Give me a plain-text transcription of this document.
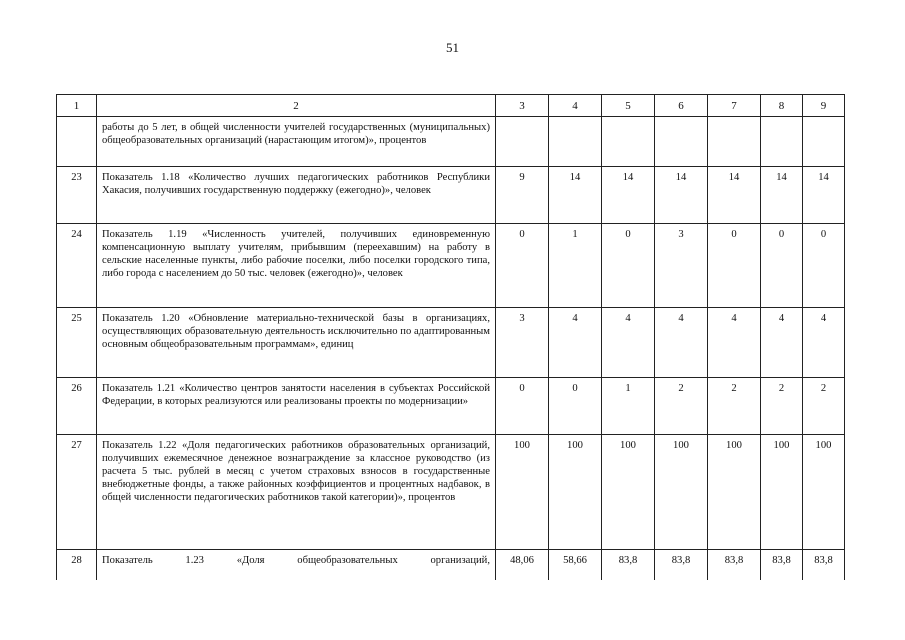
51
1	2	3	4	5	6	7	8	9
	работы до 5 лет, в общей численности учителей государственных (муниципальных) общеобразовательных организаций (нарастающим итогом)», процентов							
23	Показатель 1.18 «Количество лучших педагогических работников Республики Хакасия, получивших государственную поддержку (ежегодно)», человек	9	14	14	14	14	14	14
24	Показатель 1.19 «Численность учителей, получивших единовременную компенсационную выплату учителям, прибывшим (переехавшим) на работу в сельские населенные пункты, либо рабочие поселки, либо поселки городского типа, либо города с населением до 50 тыс. человек (ежегодно)», человек	0	1	0	3	0	0	0
25	Показатель 1.20 «Обновление материально-технической базы в организациях, осуществляющих образовательную деятельность исключительно по адаптированным основным общеобразовательным программам», единиц	3	4	4	4	4	4	4
26	Показатель 1.21 «Количество центров занятости населения в субъектах Российской Федерации, в которых реализуются или реализованы проекты по модернизации»	0	0	1	2	2	2	2
27	Показатель 1.22 «Доля педагогических работников образовательных организаций, получивших ежемесячное денежное вознаграждение за классное руководство (из расчета 5 тыс. рублей в месяц с учетом страховых взносов в государственные внебюджетные фонды, а также районных коэффициентов и процентных надбавок, в общей численности педагогических работников такой категории)», процентов	100	100	100	100	100	100	100
28	Показатель 1.23 «Доля общеобразовательных организаций,	48,06	58,66	83,8	83,8	83,8	83,8	83,8
